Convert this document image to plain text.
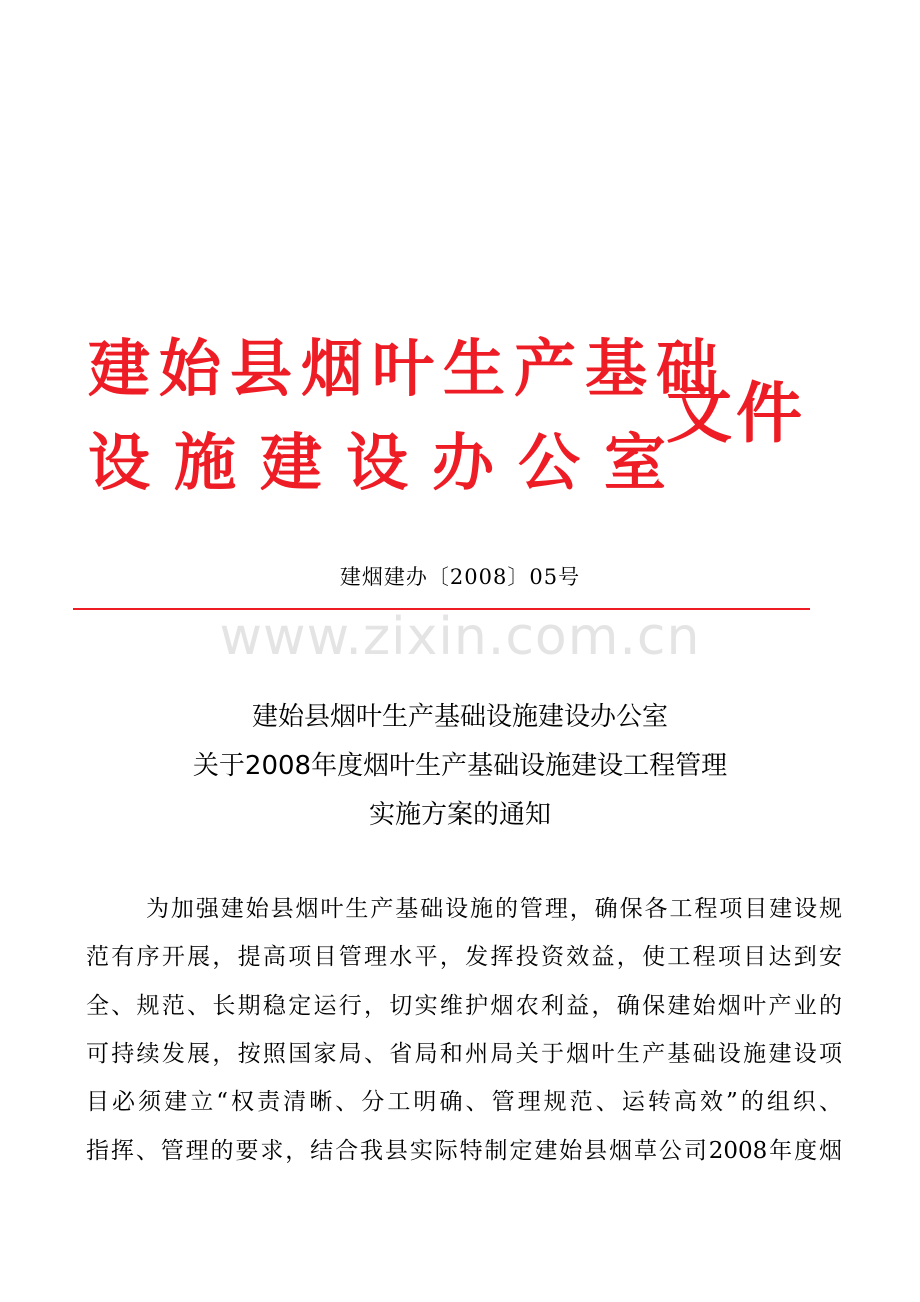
建始县烟叶生产基础
设施建设办公室
文件
建烟建办〔2008〕05号
www.zixin.com.cn
建始县烟叶生产基础设施建设办公室
关于2008年度烟叶生产基础设施建设工程管理
实施方案的通知
为加强建始县烟叶生产基础设施的管理，确保各工程项目建设规
范有序开展，提高项目管理水平，发挥投资效益，使工程项目达到安
全、规范、长期稳定运行，切实维护烟农利益，确保建始烟叶产业的
可持续发展，按照国家局、省局和州局关于烟叶生产基础设施建设项
目必须建立“权责清晰、分工明确、管理规范、运转高效”的组织、
指挥、管理的要求，结合我县实际特制定建始县烟草公司2008年度烟
